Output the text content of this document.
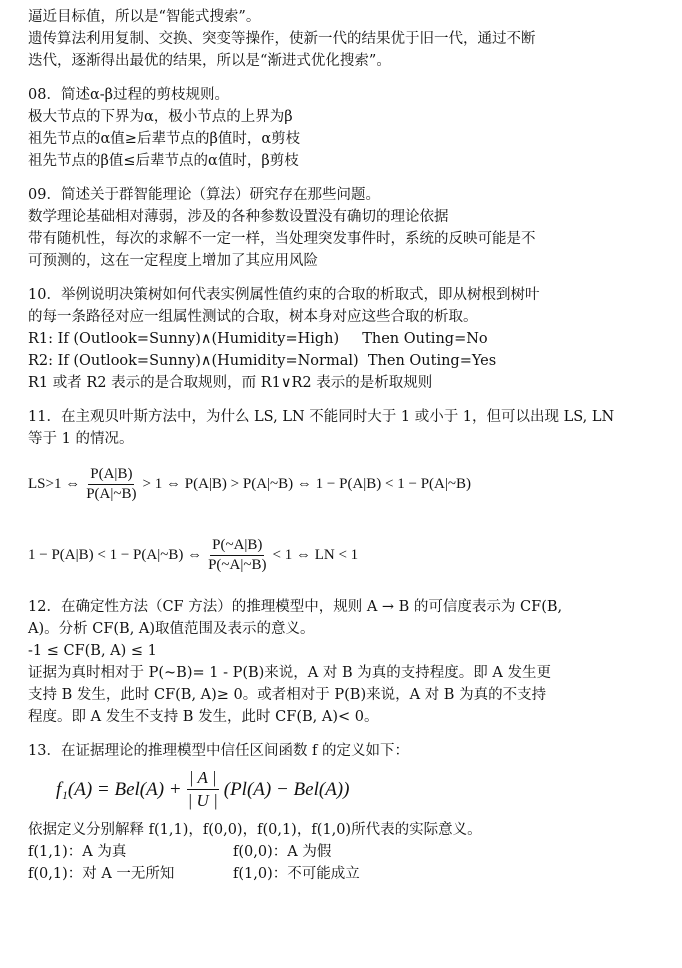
逼近目标值，所以是“智能式搜索”。
遗传算法利用复制、交换、突变等操作，使新一代的结果优于旧一代，通过不断
迭代，逐渐得出最优的结果，所以是“渐进式优化搜索”。
08．简述α-β过程的剪枝规则。
极大节点的下界为α，极小节点的上界为β
祖先节点的α值≥后辈节点的β值时，α剪枝
祖先节点的β值≤后辈节点的α值时，β剪枝
09．简述关于群智能理论（算法）研究存在那些问题。
数学理论基础相对薄弱，涉及的各种参数设置没有确切的理论依据
带有随机性，每次的求解不一定一样，当处理突发事件时，系统的反映可能是不
可预测的，这在一定程度上增加了其应用风险
10．举例说明决策树如何代表实例属性值约束的合取的析取式，即从树根到树叶
的每一条路径对应一组属性测试的合取，树本身对应这些合取的析取。
R1: If (Outlook=Sunny)∧(Humidity=High)     Then Outing=No
R2: If (Outlook=Sunny)∧(Humidity=Normal)  Then Outing=Yes
R1 或者 R2 表示的是合取规则，而 R1∨R2 表示的是析取规则
11．在主观贝叶斯方法中，为什么 LS, LN 不能同时大于 1 或小于 1，但可以出现 LS, LN
等于 1 的情况。
LS>1 ⇔ $\frac{P(A|B)}{P(A|\sim B)} > 1$ ⇔ P(A|B) > P(A|~B) ⇔ 1 − P(A|B) < 1 − P(A|~B)
1 − P(A|B) < 1 − P(A|~B) ⇔ $\frac{P(\sim A|B)}{P(\sim A|\sim B)} < 1$ ⇔ LN < 1
12．在确定性方法（CF 方法）的推理模型中，规则 A → B 的可信度表示为 CF(B,
A)。分析 CF(B, A)取值范围及表示的意义。
-1 ≤ CF(B, A) ≤ 1
证据为真时相对于 P(~B)= 1 - P(B)来说，A 对 B 为真的支持程度。即 A 发生更
支持 B 发生，此时 CF(B, A)≥ 0。或者相对于 P(B)来说，A 对 B 为真的不支持
程度。即 A 发生不支持 B 发生，此时 CF(B, A)< 0。
13．在证据理论的推理模型中信任区间函数 f 的定义如下：
$f_1(A) = Bel(A) + \frac{| A |}{| U |} (Pl(A) - Bel(A))$
依据定义分别解释 f(1,1)，f(0,0)，f(0,1)，f(1,0)所代表的实际意义。
f(1,1)：A 为真	f(0,0)：A 为假
f(0,1)：对 A 一无所知	f(1,0)：不可能成立
